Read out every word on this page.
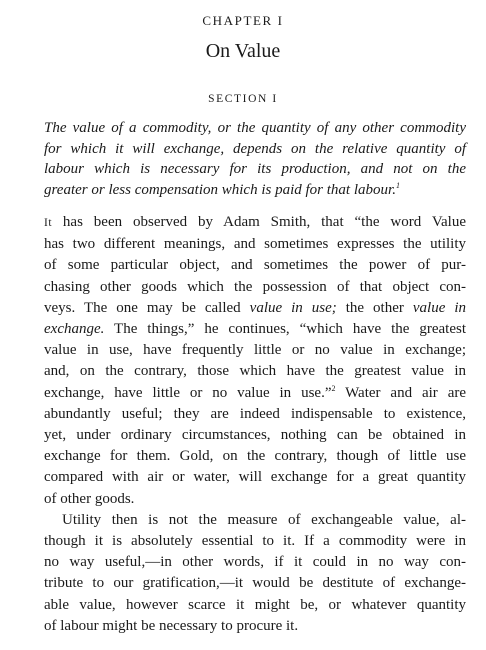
CHAPTER I
On Value
SECTION I
The value of a commodity, or the quantity of any other commodity
for which it will exchange, depends on the relative quantity of
labour which is necessary for its production, and not on the
greater or less compensation which is paid for that labour.$^1$
It has been observed by Adam Smith, that “the word Value
has two different meanings, and sometimes expresses the utility
of some particular object, and sometimes the power of pur-
chasing other goods which the possession of that object con-
veys. The one may be called value in use; the other value in
exchange. The things,” he continues, “which have the greatest
value in use, have frequently little or no value in exchange;
and, on the contrary, those which have the greatest value in
exchange, have little or no value in use.”$^2$ Water and air are
abundantly useful; they are indeed indispensable to existence,
yet, under ordinary circumstances, nothing can be obtained in
exchange for them. Gold, on the contrary, though of little use
compared with air or water, will exchange for a great quantity
of other goods.
Utility then is not the measure of exchangeable value, al-
though it is absolutely essential to it. If a commodity were in
no way useful,—in other words, if it could in no way con-
tribute to our gratification,—it would be destitute of exchange-
able value, however scarce it might be, or whatever quantity
of labour might be necessary to procure it.
